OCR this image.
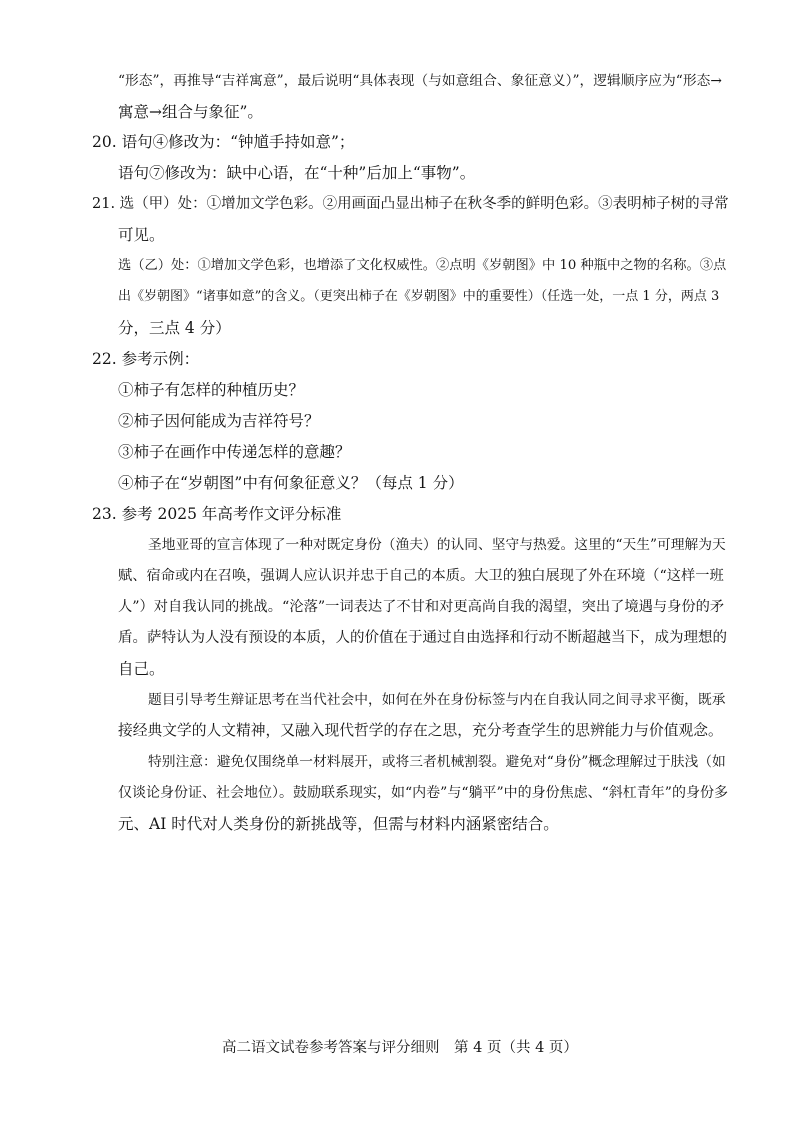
“形态”，再推导“吉祥寓意”，最后说明“具体表现（与如意组合、象征意义）”，逻辑顺序应为“形态→
寓意→组合与象征”。
20. 语句④修改为：“钟馗手持如意”；
语句⑦修改为：缺中心语，在“十种”后加上“事物”。
21. 选（甲）处：①增加文学色彩。②用画面凸显出柿子在秋冬季的鲜明色彩。③表明柿子树的寻常
可见。
选（乙）处：①增加文学色彩，也增添了文化权威性。②点明《岁朝图》中 10 种瓶中之物的名称。③点
出《岁朝图》“诸事如意”的含义。（更突出柿子在《岁朝图》中的重要性）（任选一处，一点 1 分，两点 3
分，三点 4 分）
22. 参考示例：
①柿子有怎样的种植历史？
②柿子因何能成为吉祥符号？
③柿子在画作中传递怎样的意趣？
④柿子在“岁朝图”中有何象征意义？（每点 1 分）
23. 参考 2025 年高考作文评分标准
圣地亚哥的宣言体现了一种对既定身份（渔夫）的认同、坚守与热爱。这里的“天生”可理解为天
赋、宿命或内在召唤，强调人应认识并忠于自己的本质。大卫的独白展现了外在环境（“这样一班
人”）对自我认同的挑战。“沦落”一词表达了不甘和对更高尚自我的渴望，突出了境遇与身份的矛
盾。萨特认为人没有预设的本质，人的价值在于通过自由选择和行动不断超越当下，成为理想的
自己。
题目引导考生辩证思考在当代社会中，如何在外在身份标签与内在自我认同之间寻求平衡，既承
接经典文学的人文精神，又融入现代哲学的存在之思，充分考查学生的思辨能力与价值观念。
特别注意：避免仅围绕单一材料展开，或将三者机械割裂。避免对“身份”概念理解过于肤浅（如
仅谈论身份证、社会地位）。鼓励联系现实，如“内卷”与“躺平”中的身份焦虑、“斜杠青年”的身份多
元、AI 时代对人类身份的新挑战等，但需与材料内涵紧密结合。
高二语文试卷参考答案与评分细则　第 4 页（共 4 页）
